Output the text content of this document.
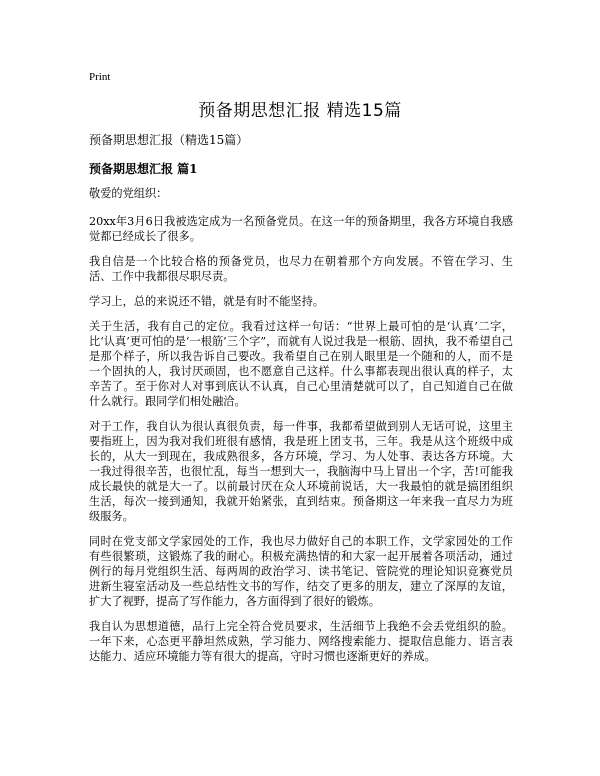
Print
预备期思想汇报 精选15篇

预备期思想汇报（精选15篇）

预备期思想汇报 篇1

敬爱的党组织：

20xx年3月6日我被选定成为一名预备党员。在这一年的预备期里，我各方环境自我感觉都已经成长了很多。

我自信是一个比较合格的预备党员，也尽力在朝着那个方向发展。不管在学习、生活、工作中我都很尽职尽责。

学习上，总的来说还不错，就是有时不能坚持。

关于生活，我有自己的定位。我看过这样一句话：“世界上最可怕的是‘认真’二字，比‘认真’更可怕的是‘一根筋’三个字”，而就有人说过我是一根筋、固执，我不希望自己是那个样子，所以我告诉自己要改。我希望自己在别人眼里是一个随和的人，而不是一个固执的人，我讨厌顽固，也不愿意自己这样。什么事都表现出很认真的样子，太辛苦了。至于你对人对事到底认不认真，自己心里清楚就可以了，自己知道自己在做什么就行。跟同学们相处融洽。

对于工作，我自认为很认真很负责，每一件事，我都希望做到别人无话可说，这里主要指班上，因为我对我们班很有感情，我是班上团支书，三年。我是从这个班级中成长的，从大一到现在，我成熟很多，各方环境，学习、为人处事、表达各方环境。大一我过得很辛苦，也很忙乱，每当一想到大一，我脑海中马上冒出一个字，苦!可能我成长最快的就是大一了。以前最讨厌在众人环境前说话，大一我最怕的就是搞团组织生活，每次一接到通知，我就开始紧张，直到结束。预备期这一年来我一直尽力为班级服务。

同时在党支部文学家园处的工作，我也尽力做好自己的本职工作，文学家园处的工作有些很繁琐，这锻炼了我的耐心。积极充满热情的和大家一起开展着各项活动，通过例行的每月党组织生活、每两周的政治学习、读书笔记、管院党的理论知识竞赛党员进新生寝室活动及一些总结性文书的写作，结交了更多的朋友，建立了深厚的友谊，扩大了视野，提高了写作能力，各方面得到了很好的锻炼。

我自认为思想道德，品行上完全符合党员要求，生活细节上我绝不会丢党组织的脸。一年下来，心态更平静坦然成熟，学习能力、网络搜索能力、提取信息能力、语言表达能力、适应环境能力等有很大的提高，守时习惯也逐渐更好的养成。
